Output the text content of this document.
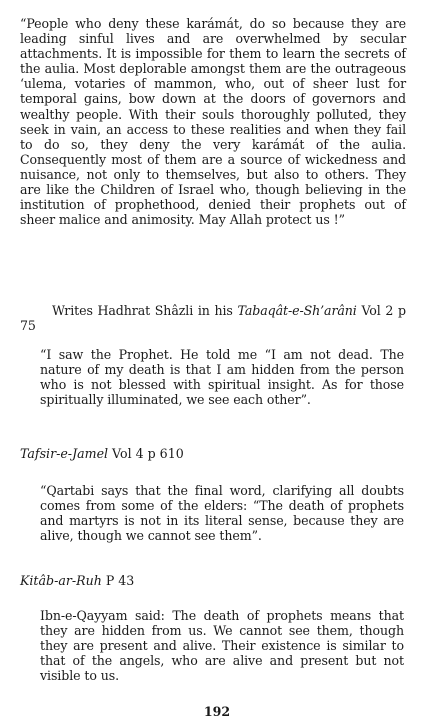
“People who deny these karámát, do so because they are leading sinful lives and are overwhelmed by secular attachments. It is impossible for them to learn the secrets of the aulia. Most deplorable amongst them are the outrageous ‘ulema, votaries of mammon, who, out of sheer lust for temporal gains, bow down at the doors of governors and wealthy people. With their souls thoroughly polluted, they seek in vain, an access to these realities and when they fail to do so, they deny the very karámát of the aulia. Consequently most of them are a source of wickedness and nuisance, not only to themselves, but also to others. They are like the Children of Israel who, though believing in the institution of prophethood, denied their prophets out of sheer malice and animosity. May Allah protect us !”

Writes Hadhrat Shâzli in his Tabaqât-e-Sh’arâni Vol 2 p 75

“I saw the Prophet. He told me “I am not dead. The nature of my death is that I am hidden from the person who is not blessed with spiritual insight. As for those spiritually illuminated, we see each other”.

Tafsir-e-Jamel Vol 4 p 610

“Qartabi says that the final word, clarifying all doubts comes from some of the elders: “The death of prophets and martyrs is not in its literal sense, because they are alive, though we cannot see them”.

Kitâb-ar-Ruh P 43

Ibn-e-Qayyam said: The death of prophets means that they are hidden from us. We cannot see them, though they are present and alive. Their existence is similar to that of the angels, who are alive and present but not visible to us.

192
